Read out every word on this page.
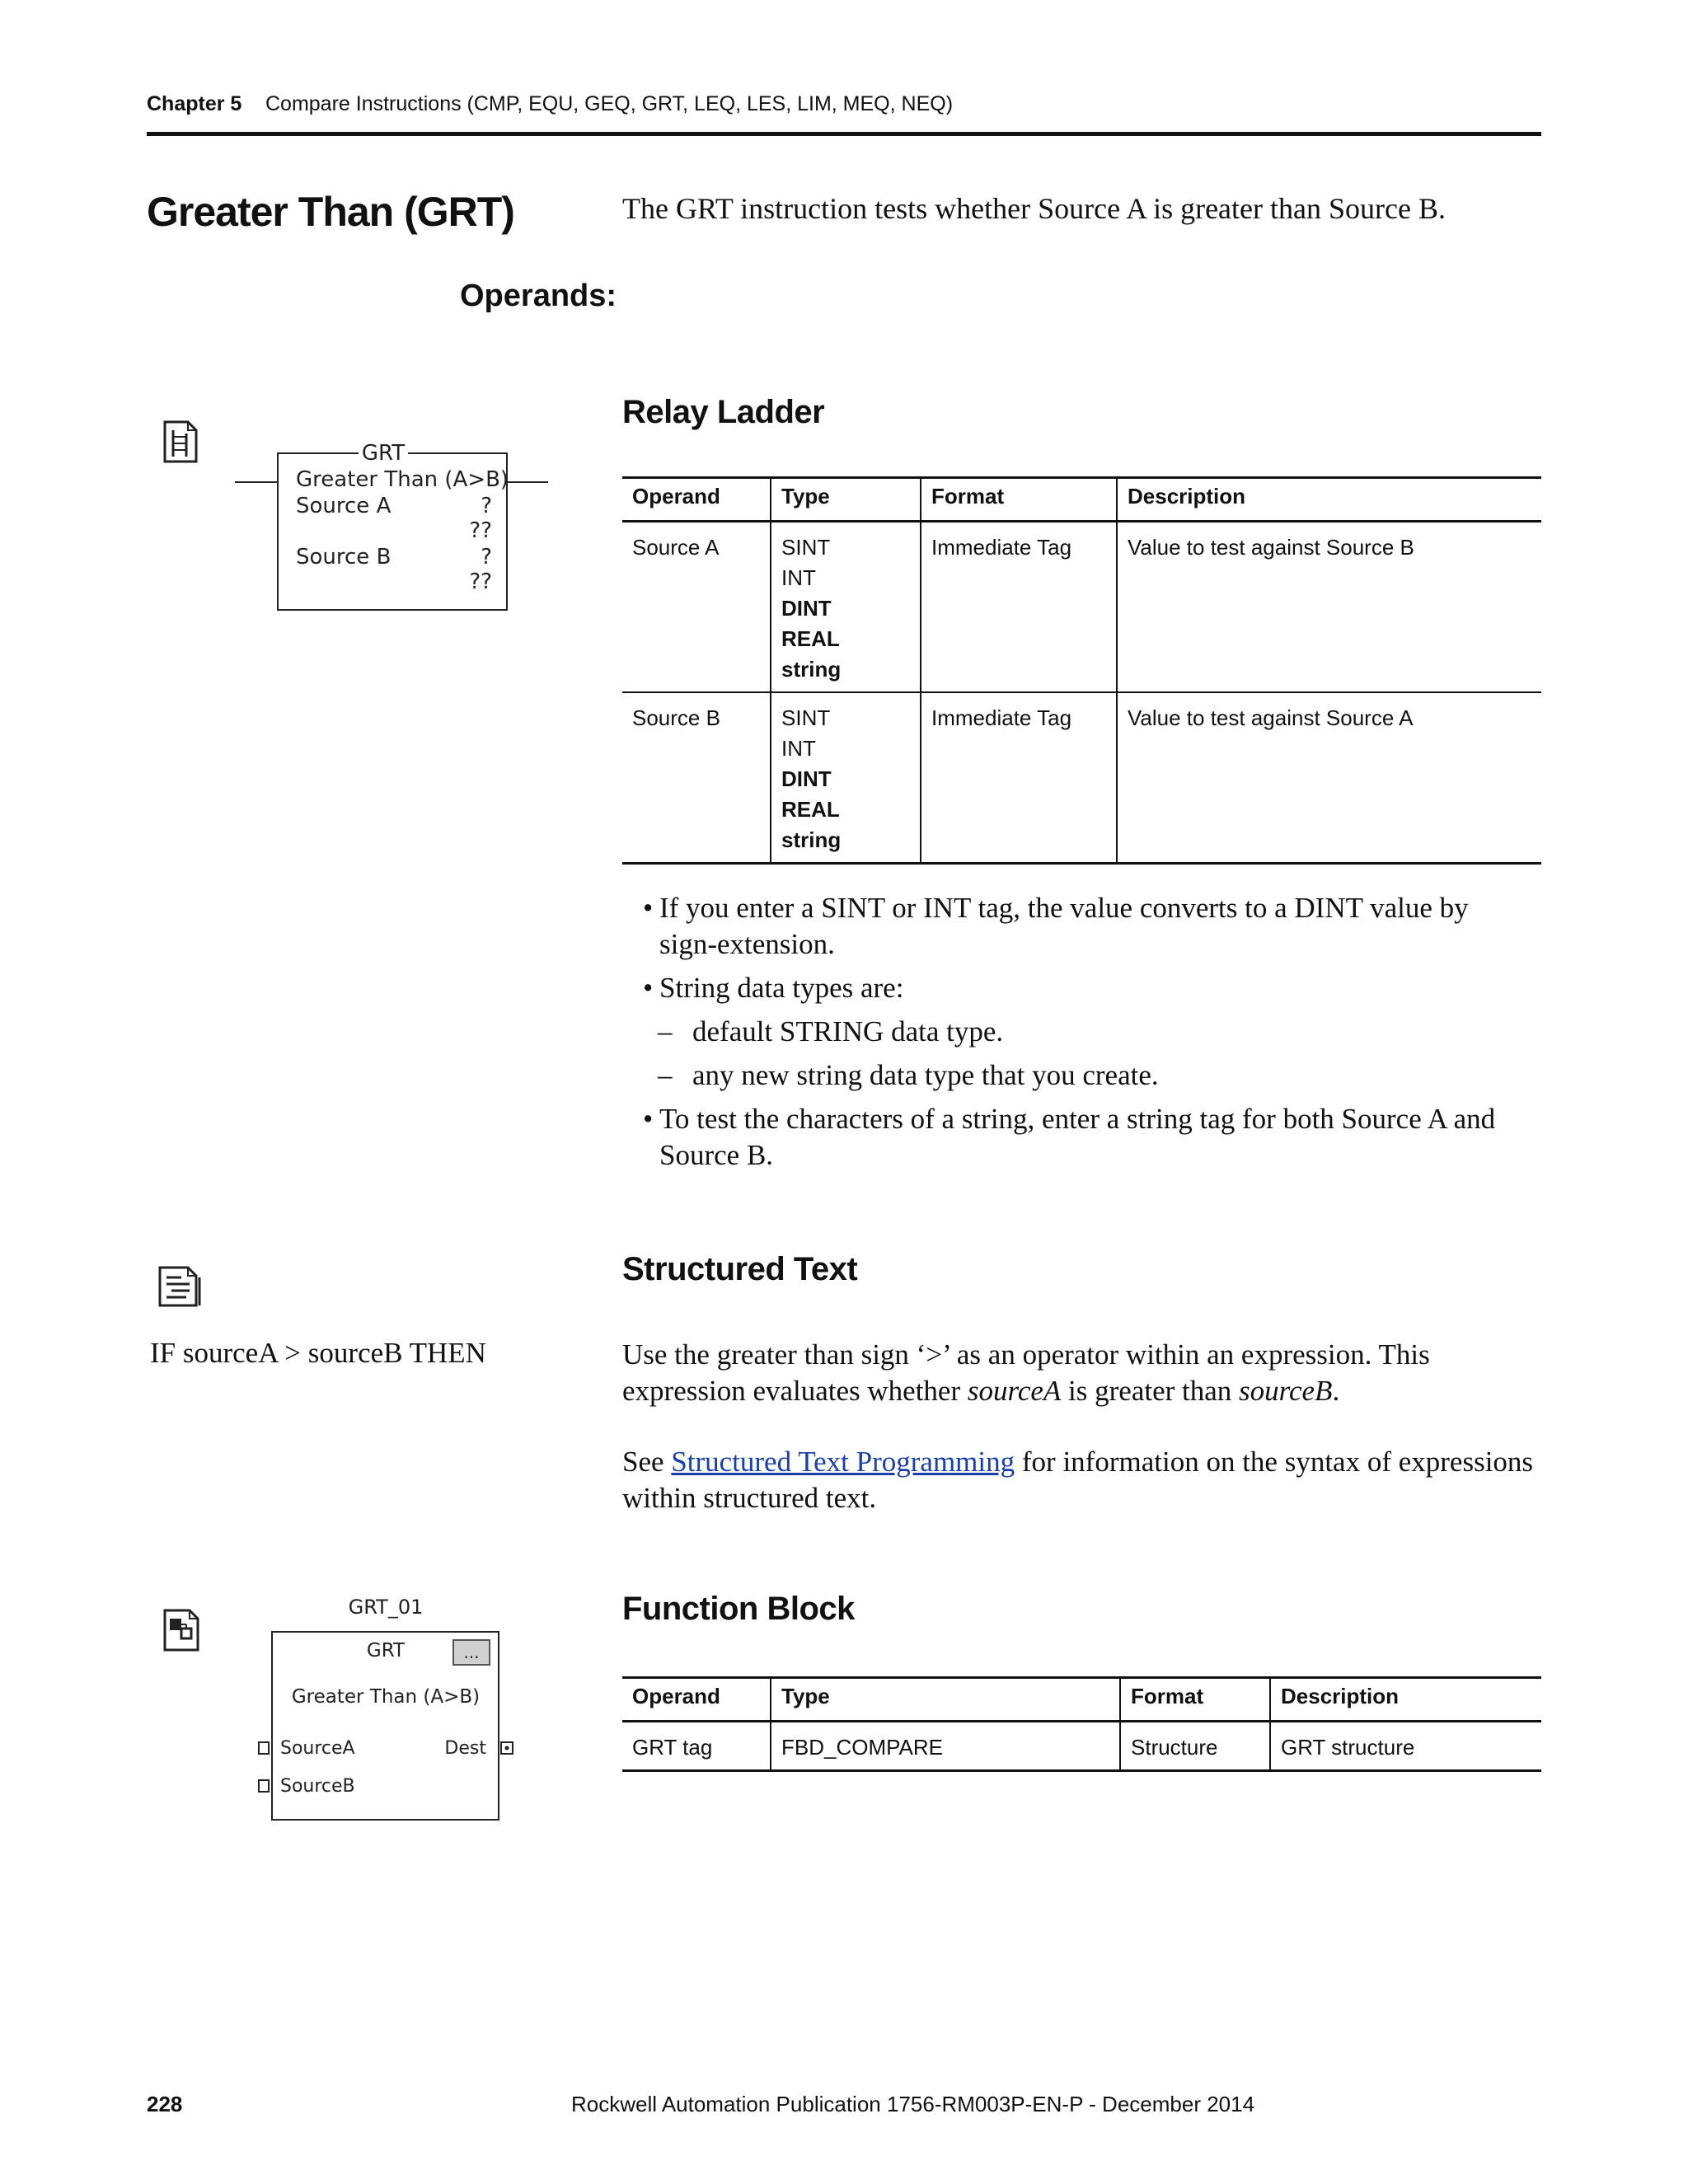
Chapter 5 Compare Instructions (CMP, EQU, GEQ, GRT, LEQ, LES, LIM, MEQ, NEQ)
Greater Than (GRT)	The GRT instruction tests whether Source A is greater than Source B.
Operands:
GRT
Greater Than (A>B)
Source A	?
??
Source B	?
??
Relay Ladder
Operand	Type	Format	Description
Source A	SINT
INT
DINT
REAL
string	Immediate Tag	Value to test against Source B
Source B	SINT
INT
DINT
REAL
string	Immediate Tag	Value to test against Source A
• If you enter a SINT or INT tag, the value converts to a DINT value by sign-extension.
• String data types are:
– default STRING data type.
– any new string data type that you create.
• To test the characters of a string, enter a string tag for both Source A and Source B.
Structured Text
IF sourceA > sourceB THEN	Use the greater than sign ‘>’ as an operator within an expression. This expression evaluates whether sourceA is greater than sourceB.
See Structured Text Programming for information on the syntax of expressions within structured text.
GRT_01
GRT	...
Greater Than (A>B)
SourceA	Dest
SourceB
Function Block
Operand	Type	Format	Description
GRT tag	FBD_COMPARE	Structure	GRT structure
228	Rockwell Automation Publication 1756-RM003P-EN-P - December 2014
